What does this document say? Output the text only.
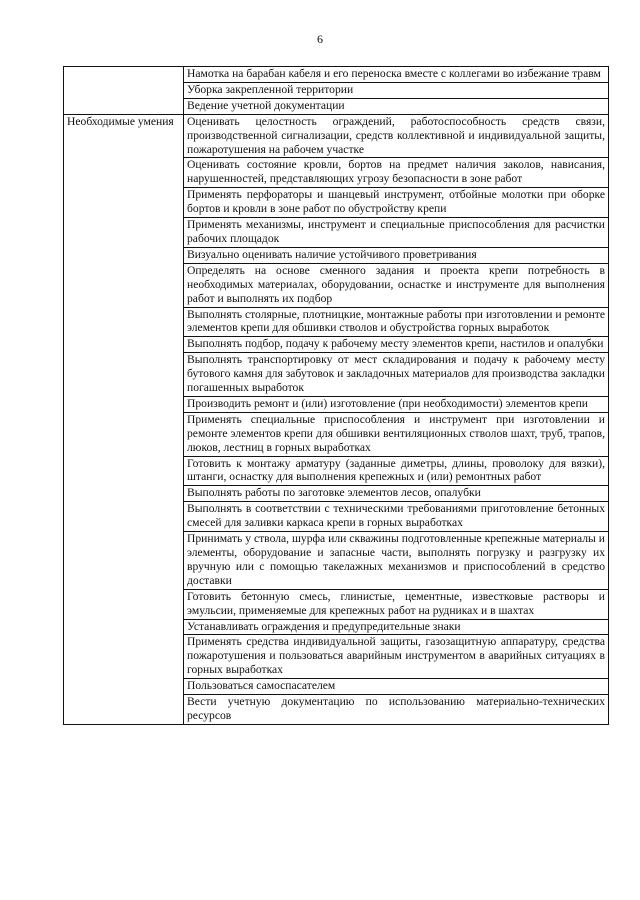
6
	Намотка на барабан кабеля и его переноска вместе с коллегами во избежание травм
	Уборка закрепленной территории
	Ведение учетной документации
Необходимые умения	Оценивать целостность ограждений, работоспособность средств связи, производственной сигнализации, средств коллективной и индивидуальной защиты, пожаротушения на рабочем участке
	Оценивать состояние кровли, бортов на предмет наличия заколов, нависания, нарушенностей, представляющих угрозу безопасности в зоне работ
	Применять перфораторы и шанцевый инструмент, отбойные молотки при оборке бортов и кровли в зоне работ по обустройству крепи
	Применять механизмы, инструмент и специальные приспособления для расчистки рабочих площадок
	Визуально оценивать наличие устойчивого проветривания
	Определять на основе сменного задания и проекта крепи потребность в необходимых материалах, оборудовании, оснастке и инструменте для выполнения работ и выполнять их подбор
	Выполнять столярные, плотницкие, монтажные работы при изготовлении и ремонте элементов крепи для обшивки стволов и обустройства горных выработок
	Выполнять подбор, подачу к рабочему месту элементов крепи, настилов и опалубки
	Выполнять транспортировку от мест складирования и подачу к рабочему месту бутового камня для забутовок и закладочных материалов для производства закладки погашенных выработок
	Производить ремонт и (или) изготовление (при необходимости) элементов крепи
	Применять специальные приспособления и инструмент при изготовлении и ремонте элементов крепи для обшивки вентиляционных стволов шахт, труб, трапов, люков, лестниц в горных выработках
	Готовить к монтажу арматуру (заданные диметры, длины, проволоку для вязки), штанги, оснастку для выполнения крепежных и (или) ремонтных работ
	Выполнять работы по заготовке элементов лесов, опалубки
	Выполнять в соответствии с техническими требованиями приготовление бетонных смесей для заливки каркаса крепи в горных выработках
	Принимать у ствола, шурфа или скважины подготовленные крепежные материалы и элементы, оборудование и запасные части, выполнять погрузку и разгрузку их вручную или с помощью такелажных механизмов и приспособлений в средство доставки
	Готовить бетонную смесь, глинистые, цементные, известковые растворы и эмульсии, применяемые для крепежных работ на рудниках и в шахтах
	Устанавливать ограждения и предупредительные знаки
	Применять средства индивидуальной защиты, газозащитную аппаратуру, средства пожаротушения и пользоваться аварийным инструментом в аварийных ситуациях в горных выработках
	Пользоваться самоспасателем
	Вести учетную документацию по использованию материально-технических ресурсов
